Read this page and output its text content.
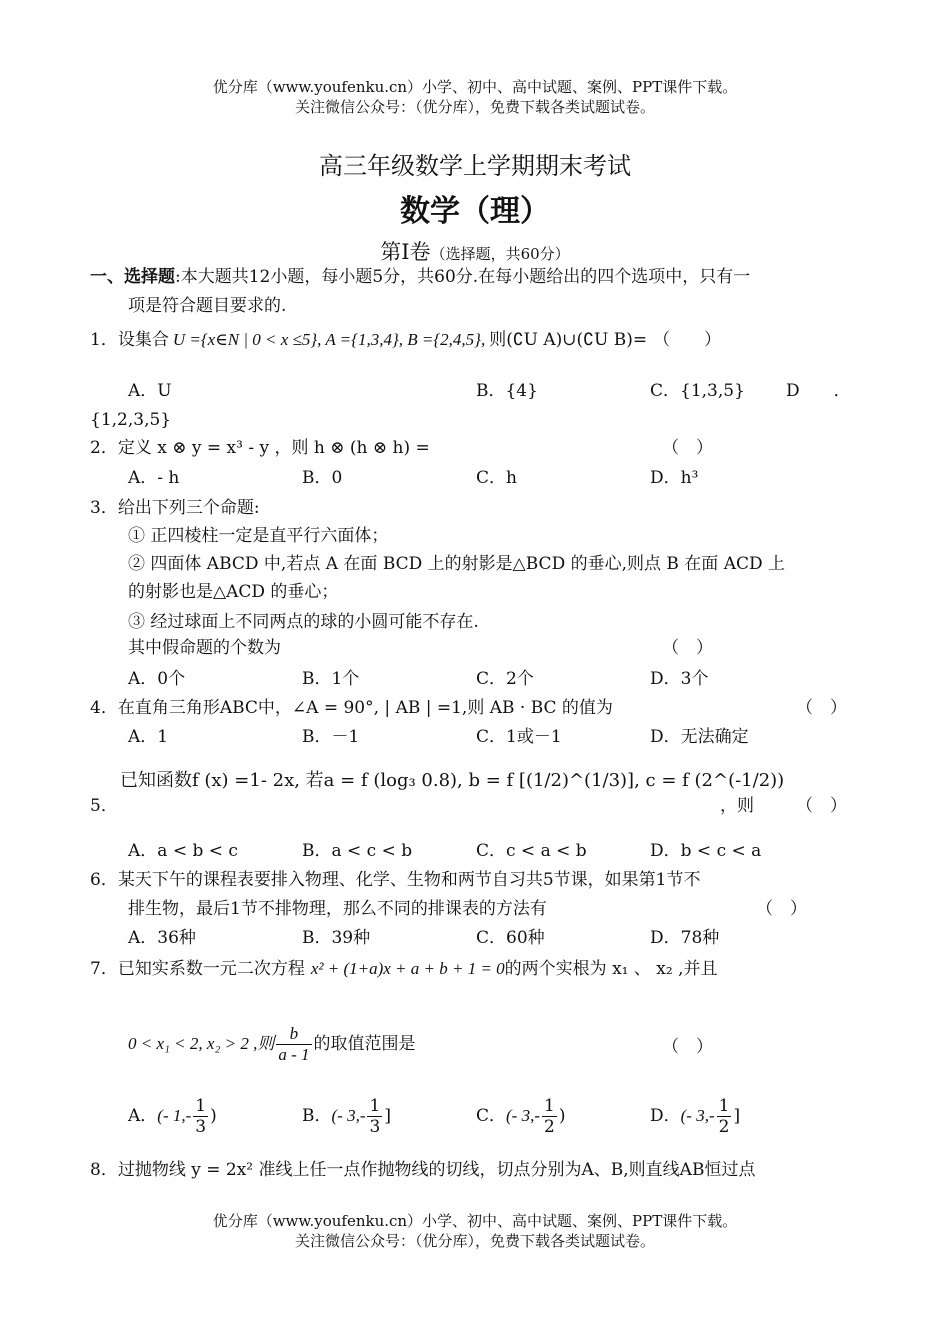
优分库（www.youfenku.cn）小学、初中、高中试题、案例、PPT课件下载。
关注微信公众号：（优分库），免费下载各类试题试卷。
高三年级数学上学期期末考试
数学（理）
第Ⅰ卷（选择题，共60分）
一、选择题:本大题共12小题，每小题5分，共60分.在每小题给出的四个选项中，只有一
项是符合题目要求的.
1．设集合 U ={x∈N | 0 < x ≤5}, A ={1,3,4}, B ={2,4,5}, 则(∁U A)∪(∁U B)= （　　）
A．U	B．{4}	C．{1,3,5} D　　．
{1,2,3,5}
2．定义 x ⊗ y = x³ - y ，则 h ⊗ (h ⊗ h) =	（　）
A．- h	B．0	C．h	D．h³
3．给出下列三个命题:
① 正四棱柱一定是直平行六面体；
② 四面体 ABCD 中,若点 A 在面 BCD 上的射影是△BCD 的垂心,则点 B 在面 ACD 上
的射影也是△ACD 的垂心；
③ 经过球面上不同两点的球的小圆可能不存在.
其中假命题的个数为	（　）
A．0个	B．1个	C．2个	D．3个
4．在直角三角形ABC中，∠A = 90°, | AB | =1,则 AB · BC 的值为	（　）
A．1	B．－1	C．1或－1	D．无法确定
已知函数f (x) =1- 2x, 若a = f (log₃ 0.8), b = f [(1/2)^(1/3)], c = f (2^(-1/2))
5．	，则 （　）
A．a < b < c	B．a < c < b	C．c < a < b	D．b < c < a
6．某天下午的课程表要排入物理、化学、生物和两节自习共5节课，如果第1节不
排生物，最后1节不排物理，那么不同的排课表的方法有	（　）
A．36种	B．39种	C．60种	D．78种
7．已知实系数一元二次方程 x² + (1+a)x + a + b + 1 = 0的两个实根为 x₁ 、 x₂ ,并且
0 < x₁ < 2, x₂ > 2 ,则 $\frac{b}{a - 1}$ 的取值范围是	（　）
A．(- $1,- \frac{1}{3}$ )	B．(- $3,- \frac{1}{3}$ ]	C．(- $3,- \frac{1}{2}$ )	D．(- $3,- \frac{1}{2}$ ]
8．过抛物线 y = 2x² 准线上任一点作抛物线的切线，切点分别为A、B,则直线AB恒过点
优分库（www.youfenku.cn）小学、初中、高中试题、案例、PPT课件下载。
关注微信公众号：（优分库），免费下载各类试题试卷。
